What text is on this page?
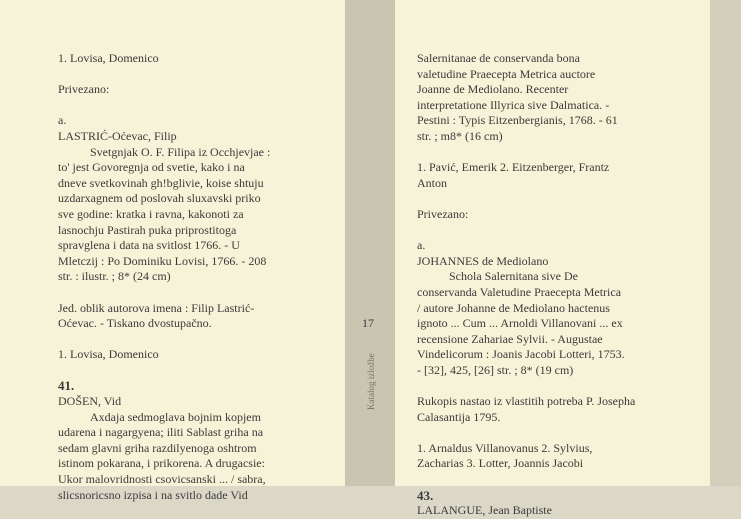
1. Lovisa, Domenico
Privezano:
a.
LASTRIĆ-Oćevac, Filip
Svetgnjak O. F. Filipa iz Occhjevjae :
to' jest Govoregnja od svetie, kako i na
dneve svetkovinah gh!bglivie, koise shtuju
uzdarxagnem od poslovah sluxavski priko
sve godine: kratka i ravna, kakonoti za
lasnochju Pastirah puka priprostitoga
spravglena i data na svitlost 1766. - U
Mletczij : Po Dominiku Lovisi, 1766. - 208
str. : ilustr. ; 8* (24 cm)
Jed. oblik autorova imena : Filip Lastrić-
Oćevac. - Tiskano dvostupačno.
1. Lovisa, Domenico
41.
DOŠEN, Vid
Axdaja sedmoglava bojnim kopjem
udarena i nagargyena; iliti Sablast griha na
sedam glavni griha razdilyenoga oshtrom
istinom pokarana, i prikorena. A drugacsie:
Ukor malovridnosti csovicsanski ... / sabra,
slicsnoricsno izpisa i na svitlo dade Vid
Salernitanae de conservanda bona
valetudine Praecepta Metrica auctore
Joanne de Mediolano. Recenter
interpretatione Illyrica sive Dalmatica. -
Pestini : Typis Eitzenbergianis, 1768. - 61
str. ; m8* (16 cm)
1. Pavić, Emerik 2. Eitzenberger, Frantz
Anton
Privezano:
a.
JOHANNES de Mediolano
Schola Salernitana sive De
conservanda Valetudine Praecepta Metrica
/ autore Johanne de Mediolano hactenus
ignoto ... Cum ... Arnoldi Villanovani ... ex
recensione Zahariae Sylvii. - Augustae
Vindelicorum : Joanis Jacobi Lotteri, 1753.
- [32], 425, [26] str. ; 8* (19 cm)
Rukopis nastao iz vlastitih potreba P. Josepha
Calasantija 1795.
1. Arnaldus Villanovanus 2. Sylvius,
Zacharias 3. Lotter, Joannis Jacobi
43.
LALANGUE, Jean Baptiste
17
Katalog izložbe
